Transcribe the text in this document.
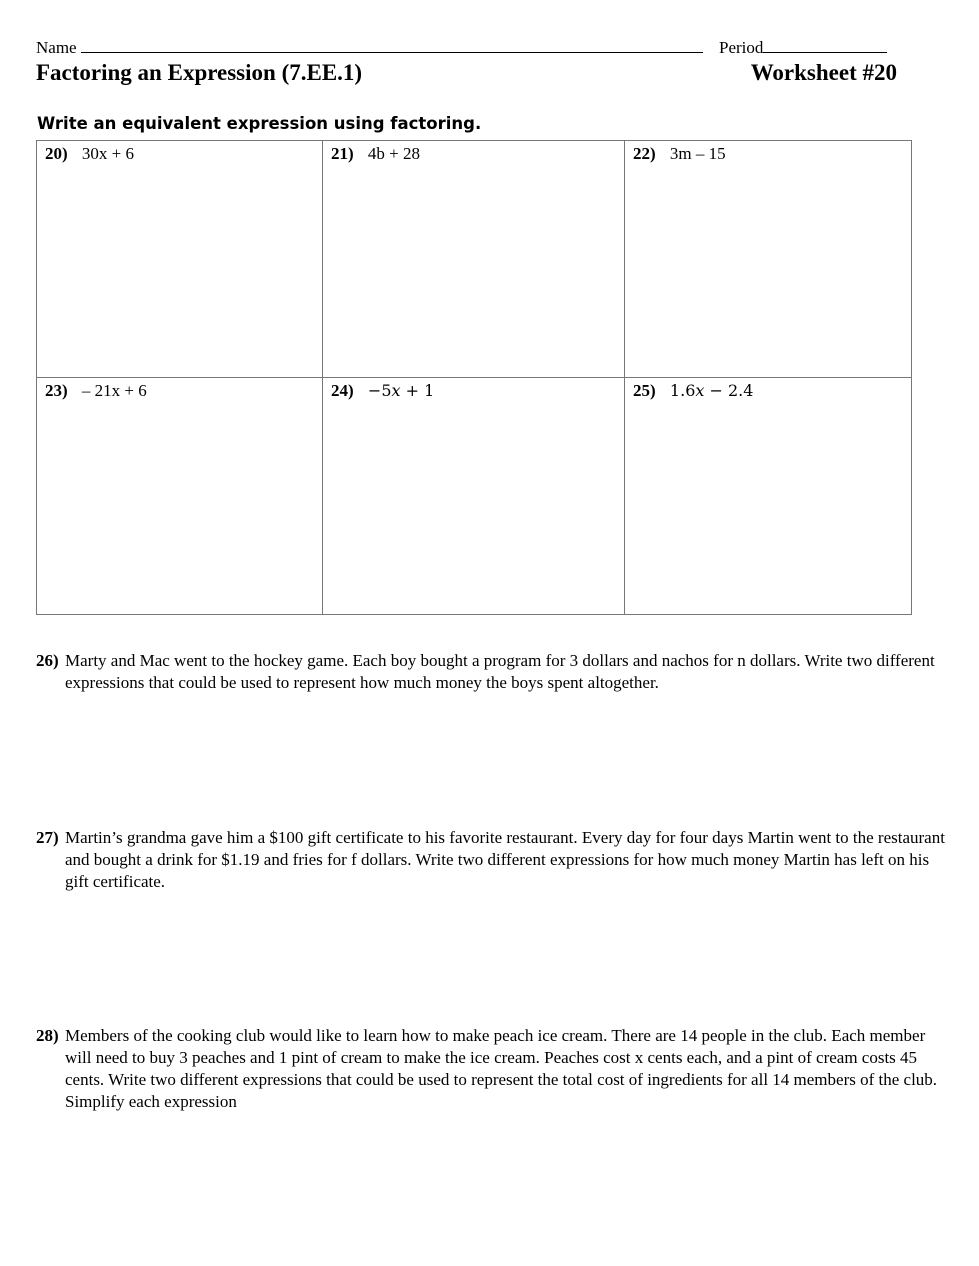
Name	Period
Factoring an Expression (7.EE.1)	Worksheet #20
Write an equivalent expression using factoring.
20) 30x + 6	21) 4b + 28	22) 3m – 15
23) – 21x + 6	24) −5𝑥 + 1	25) 1.6𝑥 − 2.4
26) Marty and Mac went to the hockey game. Each boy bought a program for 3 dollars and nachos for n dollars. Write two different expressions that could be used to represent how much money the boys spent altogether.
27) Martin’s grandma gave him a $100 gift certificate to his favorite restaurant. Every day for four days Martin went to the restaurant and bought a drink for $1.19 and fries for f dollars. Write two different expressions for how much money Martin has left on his gift certificate.
28) Members of the cooking club would like to learn how to make peach ice cream. There are 14 people in the club. Each member will need to buy 3 peaches and 1 pint of cream to make the ice cream. Peaches cost x cents each, and a pint of cream costs 45 cents. Write two different expressions that could be used to represent the total cost of ingredients for all 14 members of the club. Simplify each expression
